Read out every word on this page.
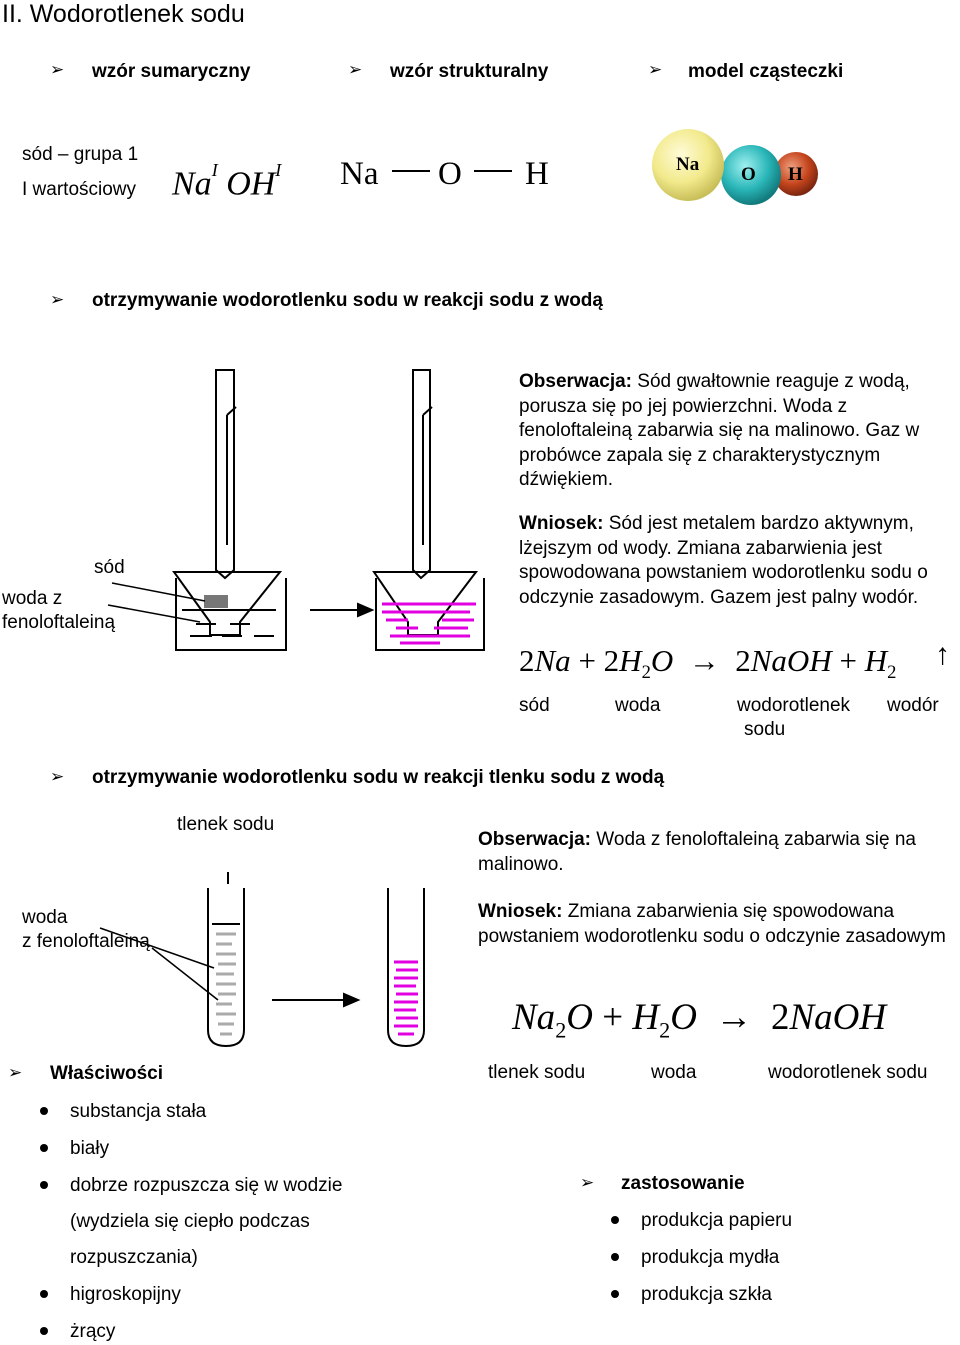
II. Wodorotlenek sodu
➢ wzór sumaryczny	➢ wzór strukturalny	➢ model cząsteczki
sód – grupa 1
I wartościowy $Na^I$ $OH^I$ Na O H	Na O H
➢ otrzymywanie wodorotlenku sodu w reakcji sodu z wodą
sód
woda z
fenoloftaleiną
Obserwacja: Sód gwałtownie reaguje z wodą, porusza się po jej powierzchni. Woda z fenoloftaleiną zabarwia się na malinowo. Gaz w probówce zapala się z charakterystycznym dźwiękiem.
Wniosek: Sód jest metalem bardzo aktywnym, lżejszym od wody. Zmiana zabarwienia jest spowodowana powstaniem wodorotlenku sodu o odczynie zasadowym. Gazem jest palny wodór.
$2Na + 2H_2O$ → 2NaOH + $H_2$
↑
sód	woda	wodorotlenek wodór
sodu
➢ otrzymywanie wodorotlenku sodu w reakcji tlenku sodu z wodą
tlenek sodu
woda
z fenoloftaleiną
Obserwacja: Woda z fenoloftaleiną zabarwia się na malinowo.
Wniosek: Zmiana zabarwienia się spowodowana powstaniem wodorotlenku sodu o odczynie zasadowym
$Na_2O + H_2O$ → 2NaOH
tlenek sodu	woda	wodorotlenek sodu
➢ Właściwości
substancja stała
biały
dobrze rozpuszcza się w wodzie
(wydziela się ciepło podczas
rozpuszczania)
higroskopijny
żrący
➢ zastosowanie
produkcja papieru
produkcja mydła
produkcja szkła
